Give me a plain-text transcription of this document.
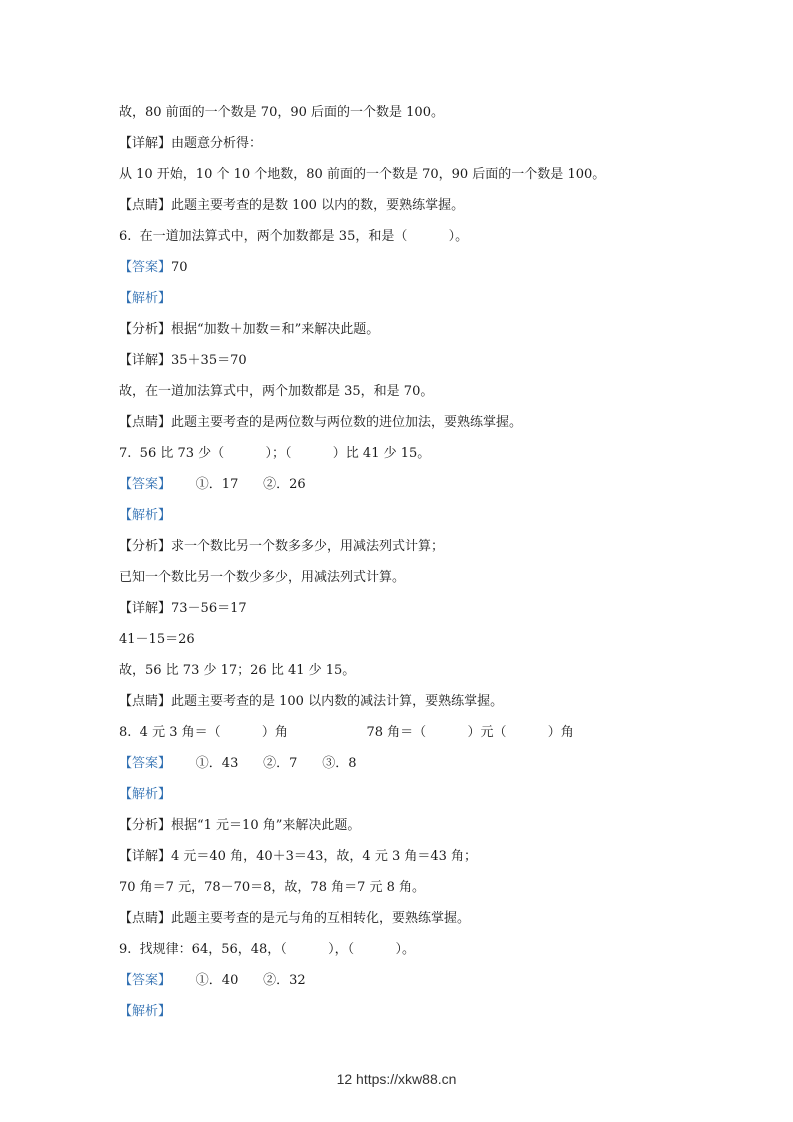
故，80 前面的一个数是 70，90 后面的一个数是 100。
【详解】由题意分析得：
从 10 开始，10 个 10 个地数，80 前面的一个数是 70，90 后面的一个数是 100。
【点睛】此题主要考查的是数 100 以内的数，要熟练掌握。
6.  在一道加法算式中，两个加数都是 35，和是（          ）。
【答案】70
【解析】
【分析】根据“加数＋加数＝和”来解决此题。
【详解】35＋35＝70
故，在一道加法算式中，两个加数都是 35，和是 70。
【点睛】此题主要考查的是两位数与两位数的进位加法，要熟练掌握。
7.  56 比 73 少（          ）；（          ）比 41 少 15。
【答案】      ①．17      ②．26
【解析】
【分析】求一个数比另一个数多多少，用减法列式计算；
已知一个数比另一个数少多少，用减法列式计算。
【详解】73－56＝17
41－15＝26
故，56 比 73 少 17；26 比 41 少 15。
【点睛】此题主要考查的是 100 以内数的减法计算，要熟练掌握。
8.  4 元 3 角＝（          ）角                   78 角＝（          ）元（          ）角
【答案】      ①．43      ②．7      ③．8
【解析】
【分析】根据“1 元＝10 角”来解决此题。
【详解】4 元＝40 角，40＋3＝43，故，4 元 3 角＝43 角；
70 角＝7 元，78－70＝8，故，78 角＝7 元 8 角。
【点睛】此题主要考查的是元与角的互相转化，要熟练掌握。
9.  找规律：64，56，48，（          ），（          ）。
【答案】      ①．40      ②．32
【解析】
12 https://xkw88.cn
